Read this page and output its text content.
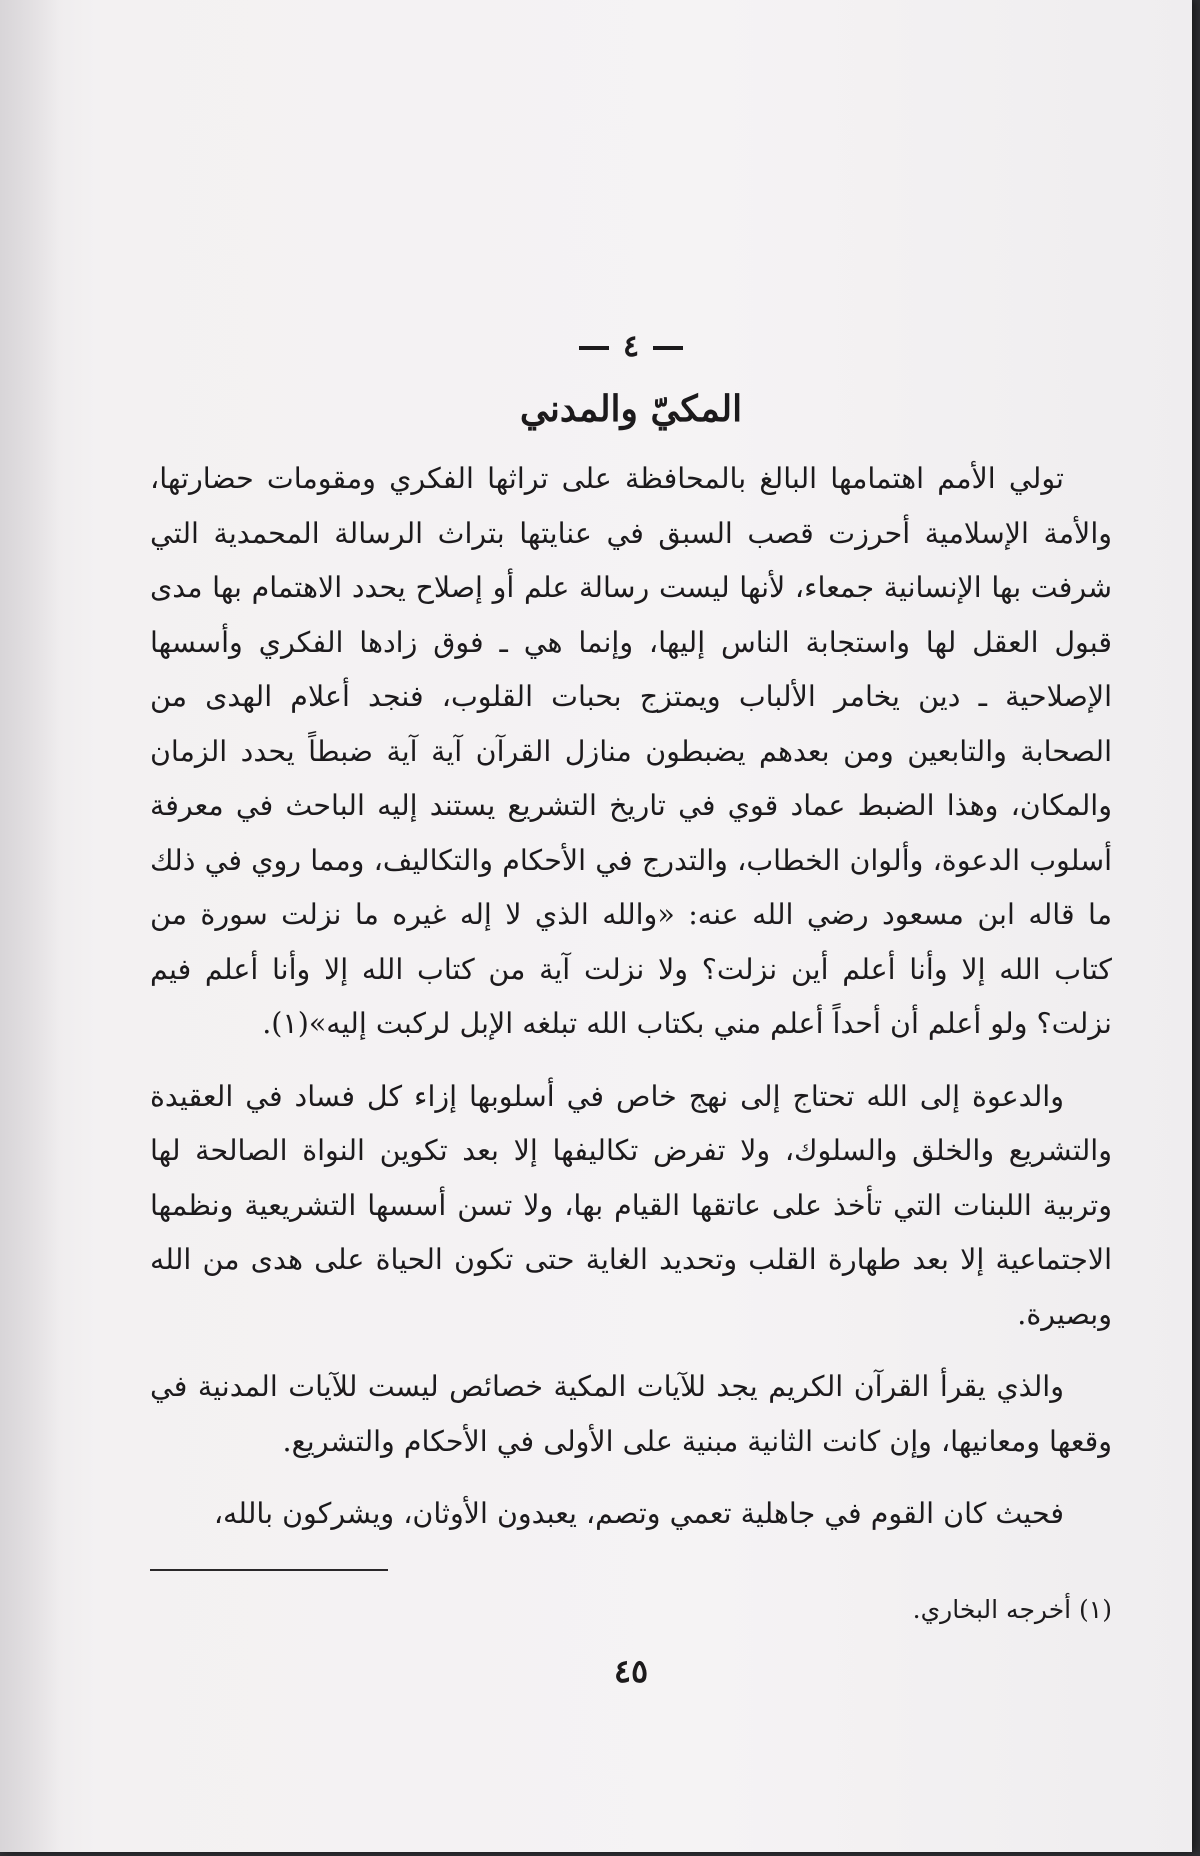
٤

المكيّ والمدني

تولي الأمم اهتمامها البالغ بالمحافظة على تراثها الفكري ومقومات حضارتها، والأمة الإسلامية أحرزت قصب السبق في عنايتها بتراث الرسالة المحمدية التي شرفت بها الإنسانية جمعاء، لأنها ليست رسالة علم أو إصلاح يحدد الاهتمام بها مدى قبول العقل لها واستجابة الناس إليها، وإنما هي ـ فوق زادها الفكري وأسسها الإصلاحية ـ دين يخامر الألباب ويمتزج بحبات القلوب، فنجد أعلام الهدى من الصحابة والتابعين ومن بعدهم يضبطون منازل القرآن آية آية ضبطاً يحدد الزمان والمكان، وهذا الضبط عماد قوي في تاريخ التشريع يستند إليه الباحث في معرفة أسلوب الدعوة، وألوان الخطاب، والتدرج في الأحكام والتكاليف، ومما روي في ذلك ما قاله ابن مسعود رضي الله عنه: «والله الذي لا إله غيره ما نزلت سورة من كتاب الله إلا وأنا أعلم أين نزلت؟ ولا نزلت آية من كتاب الله إلا وأنا أعلم فيم نزلت؟ ولو أعلم أن أحداً أعلم مني بكتاب الله تبلغه الإبل لركبت إليه»(١).

والدعوة إلى الله تحتاج إلى نهج خاص في أسلوبها إزاء كل فساد في العقيدة والتشريع والخلق والسلوك، ولا تفرض تكاليفها إلا بعد تكوين النواة الصالحة لها وتربية اللبنات التي تأخذ على عاتقها القيام بها، ولا تسن أسسها التشريعية ونظمها الاجتماعية إلا بعد طهارة القلب وتحديد الغاية حتى تكون الحياة على هدى من الله وبصيرة.

والذي يقرأ القرآن الكريم يجد للآيات المكية خصائص ليست للآيات المدنية في وقعها ومعانيها، وإن كانت الثانية مبنية على الأولى في الأحكام والتشريع.

فحيث كان القوم في جاهلية تعمي وتصم، يعبدون الأوثان، ويشركون بالله،

(١) أخرجه البخاري.

٤٥
